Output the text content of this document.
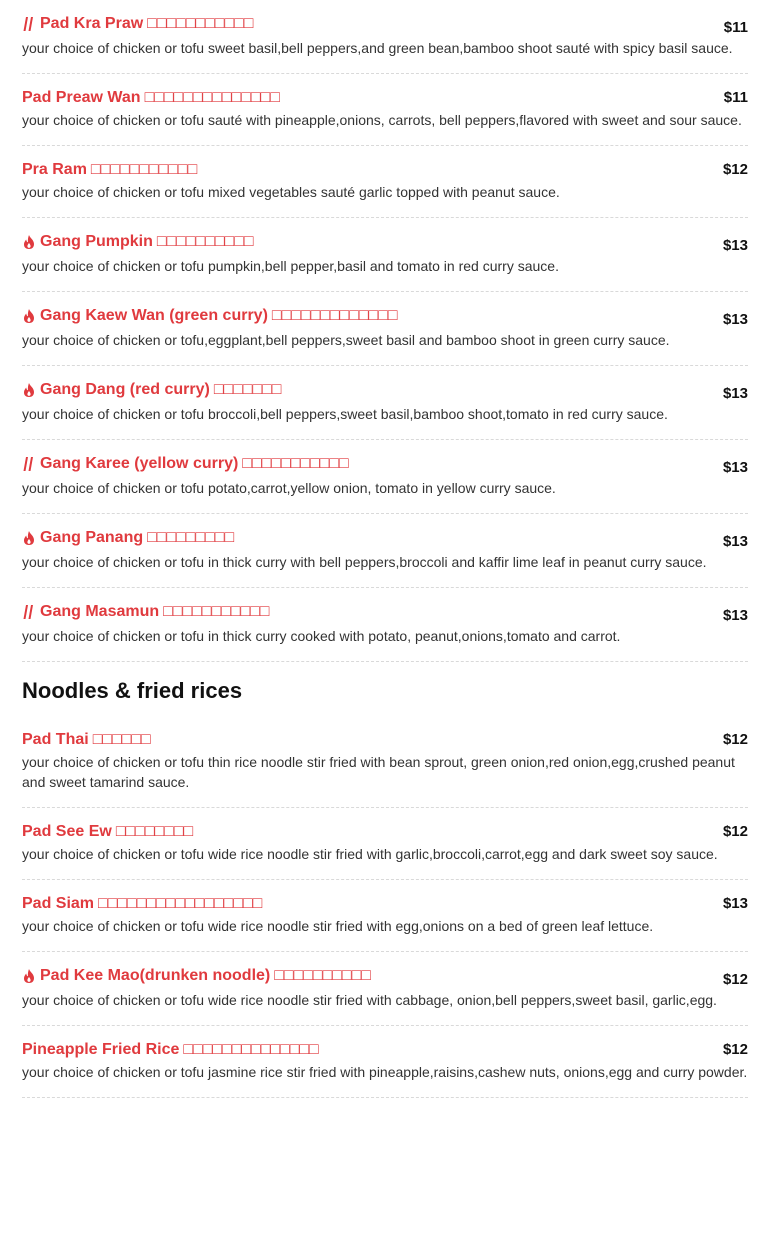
Pad Kra Praw □□□□□□□□□□□	$11
your choice of chicken or tofu sweet basil,bell peppers,and green bean,bamboo shoot sauté with spicy basil sauce.
Pad Preaw Wan □□□□□□□□□□□□□□	$11
your choice of chicken or tofu sauté with pineapple,onions, carrots, bell peppers,flavored with sweet and sour sauce.
Pra Ram □□□□□□□□□□□	$12
your choice of chicken or tofu mixed vegetables sauté garlic topped with peanut sauce.
Gang Pumpkin □□□□□□□□□□	$13
your choice of chicken or tofu pumpkin,bell pepper,basil and tomato in red curry sauce.
Gang Kaew Wan (green curry) □□□□□□□□□□□□□	$13
your choice of chicken or tofu,eggplant,bell peppers,sweet basil and bamboo shoot in green curry sauce.
Gang Dang (red curry) □□□□□□□	$13
your choice of chicken or tofu broccoli,bell peppers,sweet basil,bamboo shoot,tomato in red curry sauce.
Gang Karee (yellow curry) □□□□□□□□□□□	$13
your choice of chicken or tofu potato,carrot,yellow onion, tomato in yellow curry sauce.
Gang Panang □□□□□□□□□	$13
your choice of chicken or tofu in thick curry with bell peppers,broccoli and kaffir lime leaf in peanut curry sauce.
Gang Masamun □□□□□□□□□□□	$13
your choice of chicken or tofu in thick curry cooked with potato, peanut,onions,tomato and carrot.
Noodles & fried rices
Pad Thai □□□□□□	$12
your choice of chicken or tofu thin rice noodle stir fried with bean sprout, green onion,red onion,egg,crushed peanut and sweet tamarind sauce.
Pad See Ew □□□□□□□□	$12
your choice of chicken or tofu wide rice noodle stir fried with garlic,broccoli,carrot,egg and dark sweet soy sauce.
Pad Siam □□□□□□□□□□□□□□□□□	$13
your choice of chicken or tofu wide rice noodle stir fried with egg,onions on a bed of green leaf lettuce.
Pad Kee Mao(drunken noodle) □□□□□□□□□□	$12
your choice of chicken or tofu wide rice noodle stir fried with cabbage, onion,bell peppers,sweet basil, garlic,egg.
Pineapple Fried Rice □□□□□□□□□□□□□□	$12
your choice of chicken or tofu jasmine rice stir fried with pineapple,raisins,cashew nuts, onions,egg and curry powder.
